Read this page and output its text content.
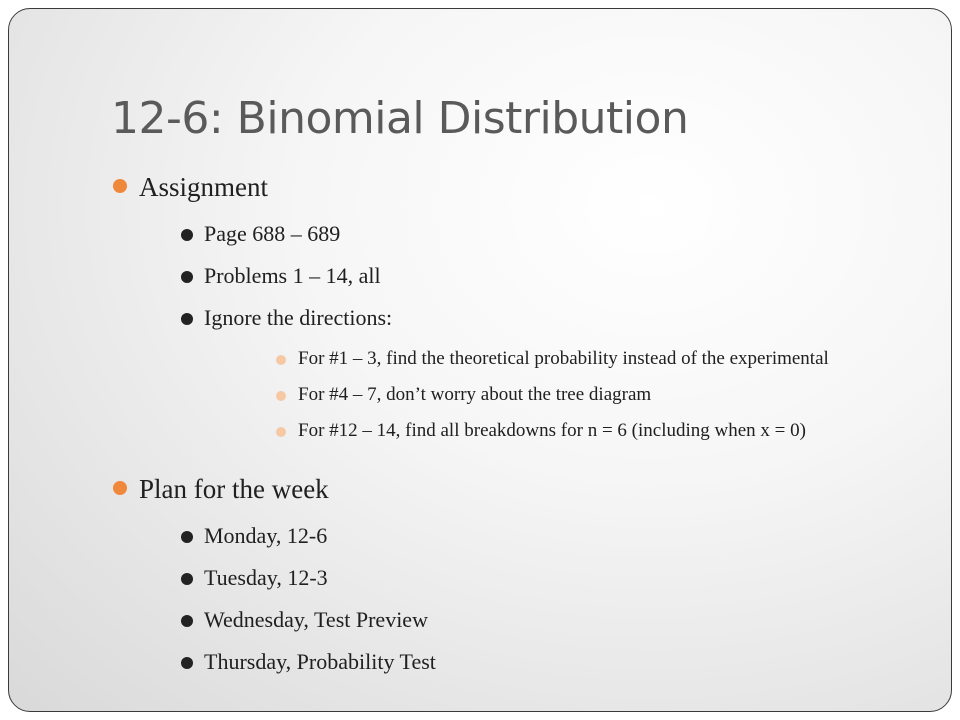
12-6: Binomial Distribution
Assignment
Page 688 – 689
Problems 1 – 14, all
Ignore the directions:
For #1 – 3, find the theoretical probability instead of the experimental
For #4 – 7, don’t worry about the tree diagram
For #12 – 14, find all breakdowns for n = 6 (including when x = 0)
Plan for the week
Monday, 12-6
Tuesday, 12-3
Wednesday, Test Preview
Thursday, Probability Test
